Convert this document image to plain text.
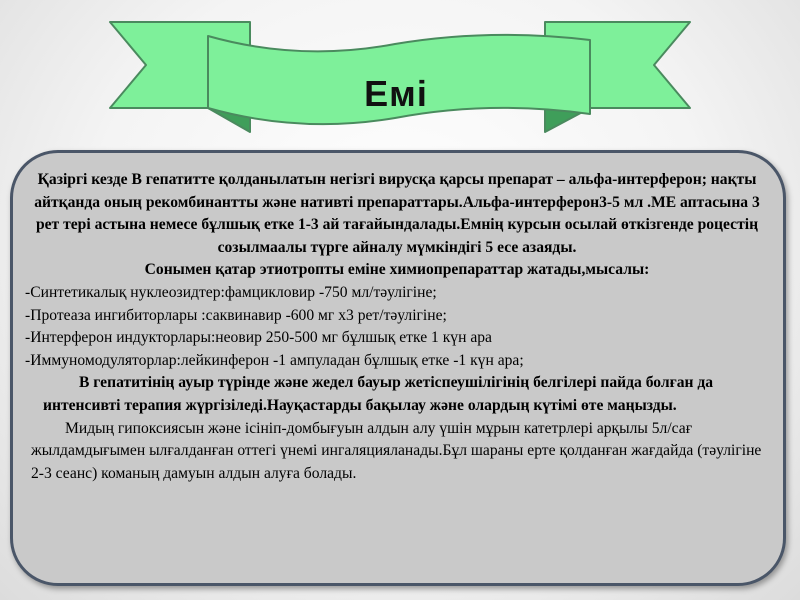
Емі

Қазіргі кезде В гепатитте қолданылатын негізгі вирусқа қарсы препарат – альфа-интерферон; нақты айтқанда оның рекомбинантты және нативті препараттары.Альфа-интерферон3-5 мл .МЕ аптасына 3 рет тері астына немесе бұлшық етке 1-3 ай тағайындалады.Емнің курсын осылай өткізгенде роцестің созылмаалы түрге айналу мүмкіндігі 5 есе азаяды.

Сонымен қатар этиотропты еміне химиопрепараттар жатады,мысалы:

-Синтетикалық нуклеозидтер:фамцикловир -750 мл/тәулігіне;

-Протеаза ингибиторлары :саквинавир -600 мг х3 рет/тәулігіне;

-Интерферон индукторлары:неовир 250-500 мг бұлшық етке 1 күн ара

-Иммуномодуляторлар:лейкинферон -1 ампуладан бұлшық етке -1 күн ара;

В гепатитінің ауыр түрінде және жедел бауыр жетіспеушілігінің белгілері пайда болған да интенсивті терапия жүргізіледі.Науқастарды бақылау және олардың күтімі өте маңызды.

Мидың гипоксиясын және ісініп-домбығуын алдын алу үшін мұрын катетрлері арқылы 5л/сағ жылдамдығымен ылғалданған оттегі үнемі ингаляцияланады.Бұл шараны ерте қолданған жағдайда (тәулігіне 2-3 сеанс) команың дамуын алдын алуға болады.
